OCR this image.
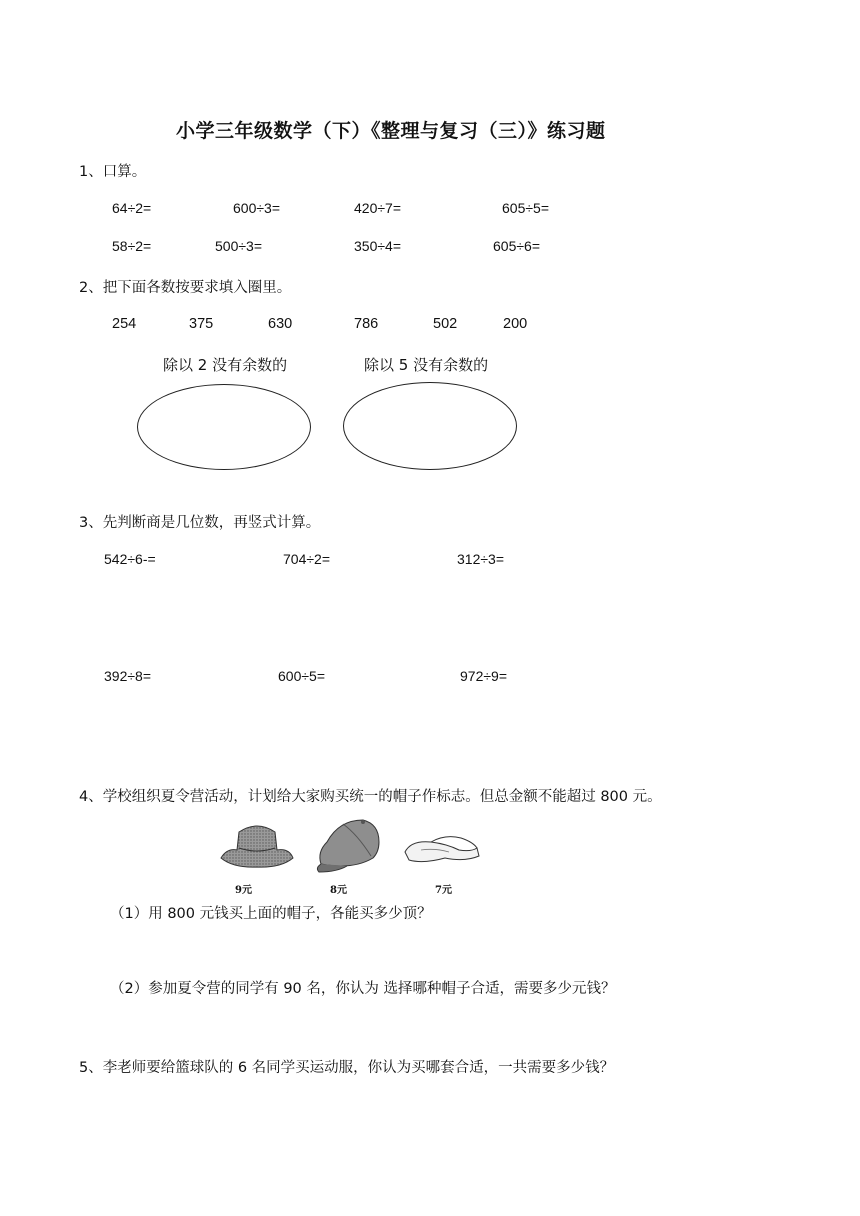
小学三年级数学（下）《整理与复习（三）》练习题
1、口算。
64÷2=	600÷3=	420÷7=	605÷5=
58÷2=	500÷3=	350÷4=	605÷6=
2、把下面各数按要求填入圈里。
254	375	630	786	502	200
除以 2 没有余数的	除以 5 没有余数的
3、先判断商是几位数，再竖式计算。
542÷6-=	704÷2=	312÷3=
392÷8=	600÷5=	972÷9=
4、学校组织夏令营活动，计划给大家购买统一的帽子作标志。但总金额不能超过 800 元。
9元	8元	7元
（1）用 800 元钱买上面的帽子，各能买多少顶？
（2）参加夏令营的同学有 90 名，你认为 选择哪种帽子合适，需要多少元钱？
5、李老师要给篮球队的 6 名同学买运动服，你认为买哪套合适，一共需要多少钱？
